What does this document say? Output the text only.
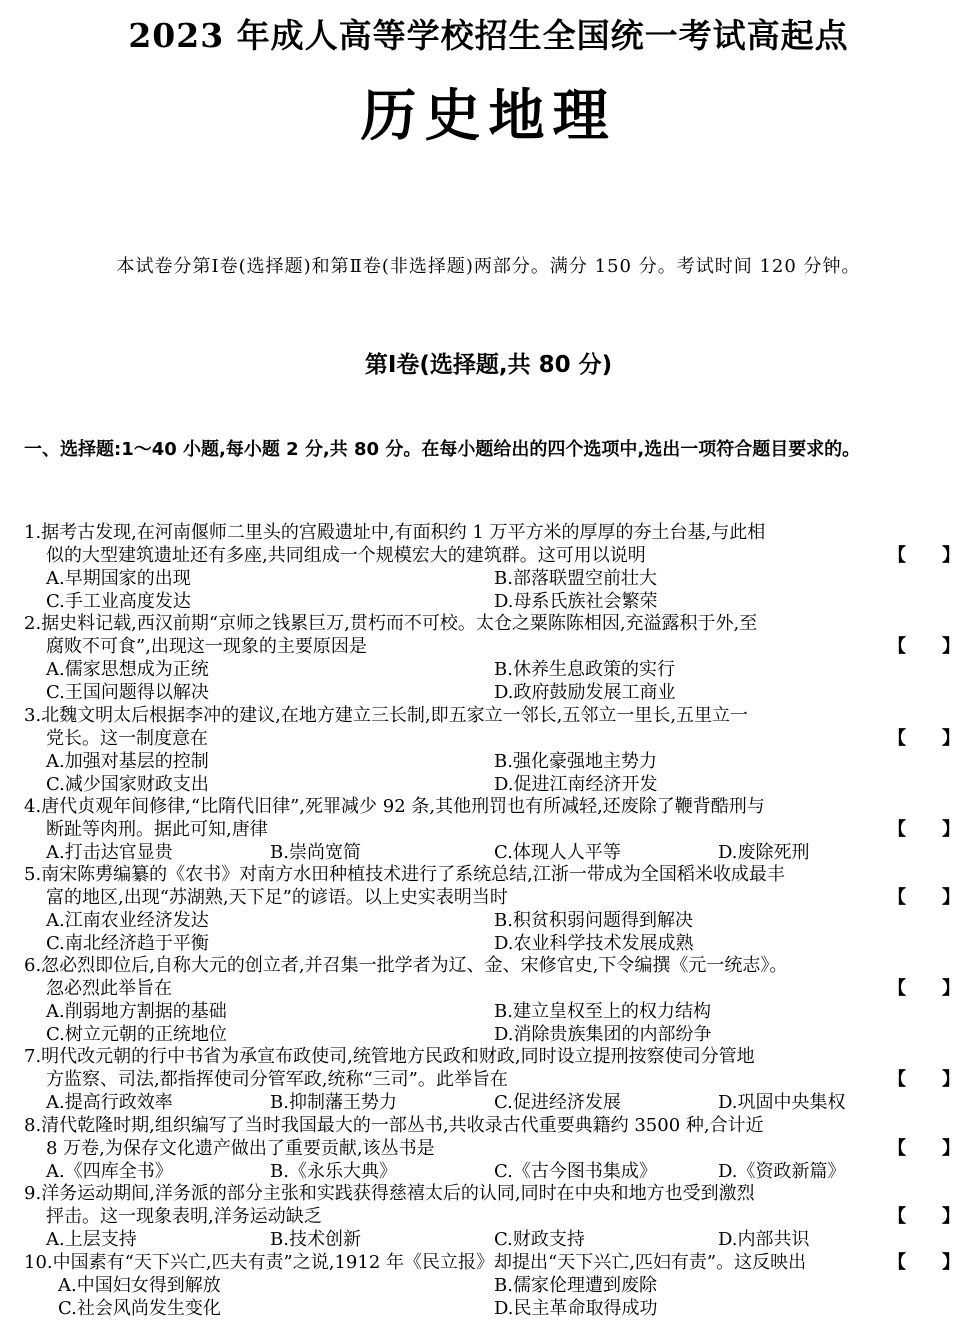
2023 年成人高等学校招生全国统一考试高起点
历史地理
本试卷分第Ⅰ卷(选择题)和第Ⅱ卷(非选择题)两部分。满分 150 分。考试时间 120 分钟。
第Ⅰ卷(选择题,共 80 分)
一、选择题:1～40 小题,每小题 2 分,共 80 分。在每小题给出的四个选项中,选出一项符合题目要求的。
1.据考古发现,在河南偃师二里头的宫殿遗址中,有面积约 1 万平方米的厚厚的夯土台基,与此相
似的大型建筑遗址还有多座,共同组成一个规模宏大的建筑群。这可用以说明	【　　】
A.早期国家的出现	B.部落联盟空前壮大
C.手工业高度发达	D.母系氏族社会繁荣
2.据史料记载,西汉前期“京师之钱累巨万,贯朽而不可校。太仓之粟陈陈相因,充溢露积于外,至
腐败不可食”,出现这一现象的主要原因是	【　　】
A.儒家思想成为正统	B.休养生息政策的实行
C.王国问题得以解决	D.政府鼓励发展工商业
3.北魏文明太后根据李冲的建议,在地方建立三长制,即五家立一邻长,五邻立一里长,五里立一
党长。这一制度意在	【　　】
A.加强对基层的控制	B.强化豪强地主势力
C.减少国家财政支出	D.促进江南经济开发
4.唐代贞观年间修律,“比隋代旧律”,死罪减少 92 条,其他刑罚也有所减轻,还废除了鞭背酷刑与
断趾等肉刑。据此可知,唐律	【　　】
A.打击达官显贵	B.崇尚宽简	C.体现人人平等	D.废除死刑
5.南宋陈旉编纂的《农书》对南方水田种植技术进行了系统总结,江浙一带成为全国稻米收成最丰
富的地区,出现“苏湖熟,天下足”的谚语。以上史实表明当时	【　　】
A.江南农业经济发达	B.积贫积弱问题得到解决
C.南北经济趋于平衡	D.农业科学技术发展成熟
6.忽必烈即位后,自称大元的创立者,并召集一批学者为辽、金、宋修官史,下令编撰《元一统志》。
忽必烈此举旨在	【　　】
A.削弱地方割据的基础	B.建立皇权至上的权力结构
C.树立元朝的正统地位	D.消除贵族集团的内部纷争
7.明代改元朝的行中书省为承宣布政使司,统管地方民政和财政,同时设立提刑按察使司分管地
方监察、司法,都指挥使司分管军政,统称“三司”。此举旨在	【　　】
A.提高行政效率	B.抑制藩王势力	C.促进经济发展	D.巩固中央集权
8.清代乾隆时期,组织编写了当时我国最大的一部丛书,共收录古代重要典籍约 3500 种,合计近
8 万卷,为保存文化遗产做出了重要贡献,该丛书是	【　　】
A.《四库全书》	B.《永乐大典》	C.《古今图书集成》	D.《资政新篇》
9.洋务运动期间,洋务派的部分主张和实践获得慈禧太后的认同,同时在中央和地方也受到激烈
抨击。这一现象表明,洋务运动缺乏	【　　】
A.上层支持	B.技术创新	C.财政支持	D.内部共识
10.中国素有“天下兴亡,匹夫有责”之说,1912 年《民立报》却提出“天下兴亡,匹妇有责”。这反映出	【　　】
A.中国妇女得到解放	B.儒家伦理遭到废除
C.社会风尚发生变化	D.民主革命取得成功
